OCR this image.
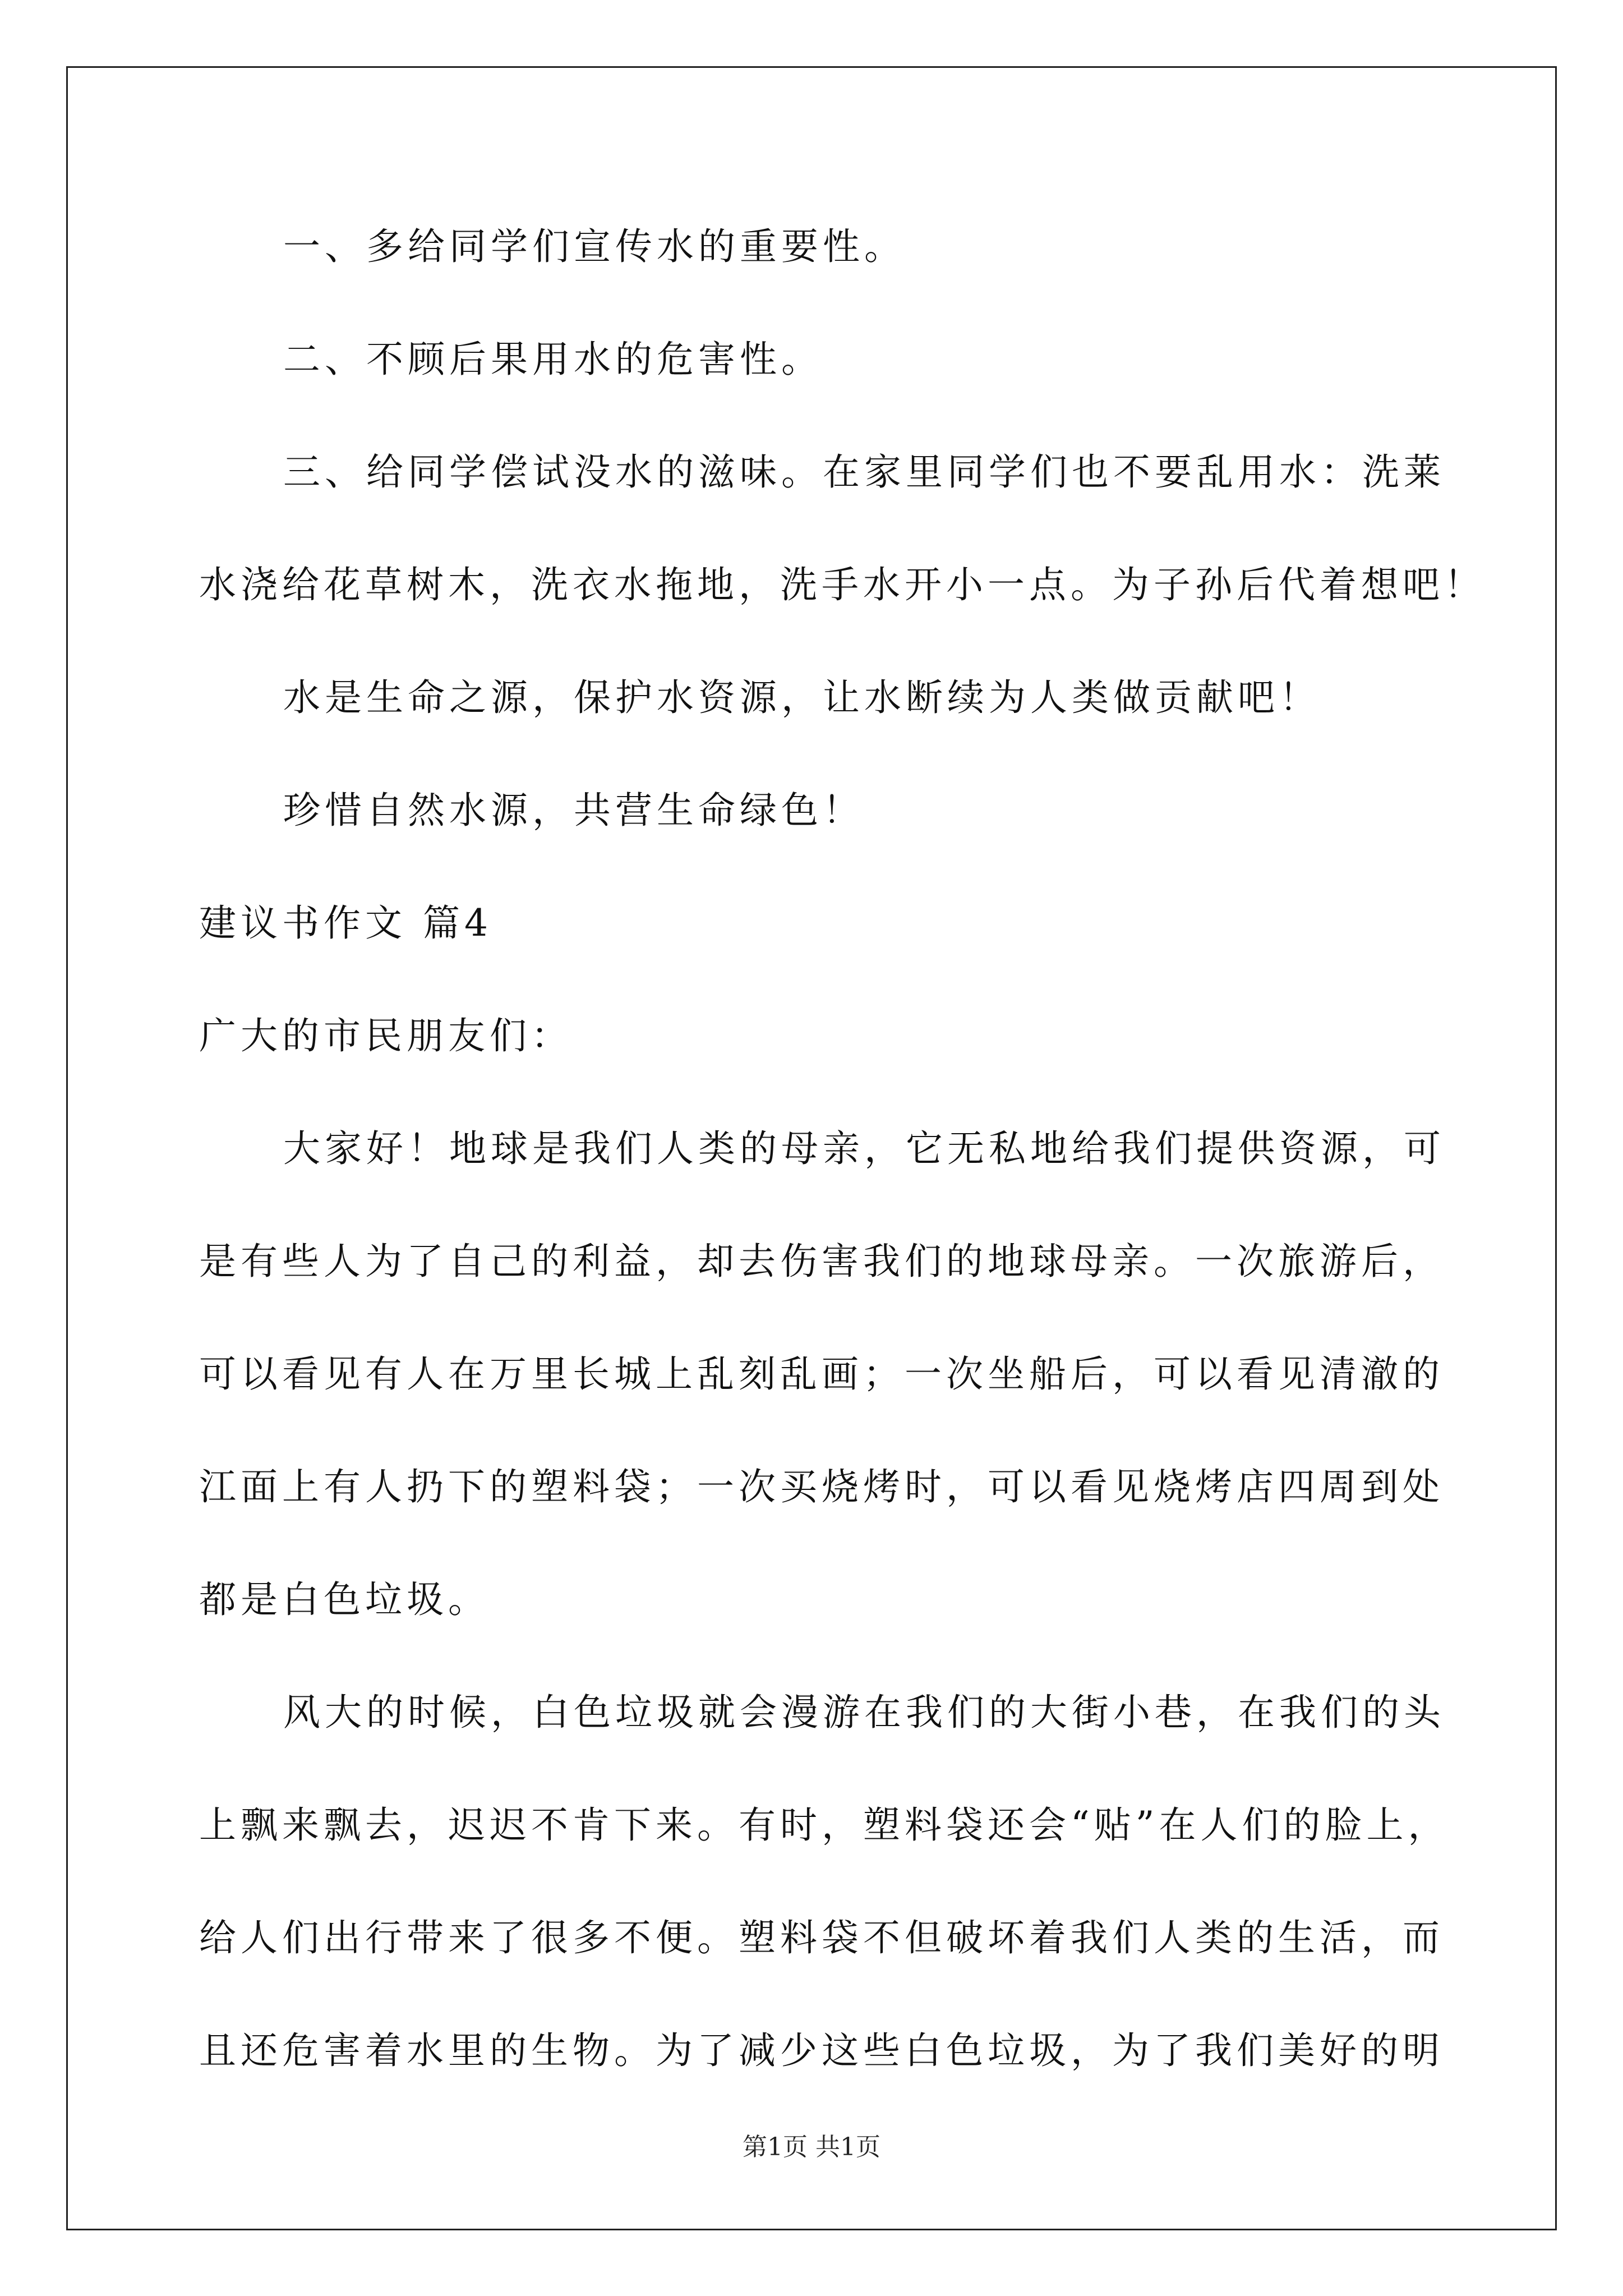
一、多给同学们宣传水的重要性。

二、不顾后果用水的危害性。

三、给同学偿试没水的滋味。在家里同学们也不要乱用水：洗莱

水浇给花草树木，洗衣水拖地，洗手水开小一点。为子孙后代着想吧！

水是生命之源，保护水资源，让水断续为人类做贡献吧！

珍惜自然水源，共营生命绿色！

建议书作文 篇4

广大的市民朋友们：

大家好！地球是我们人类的母亲，它无私地给我们提供资源，可

是有些人为了自己的利益，却去伤害我们的地球母亲。一次旅游后，

可以看见有人在万里长城上乱刻乱画；一次坐船后，可以看见清澈的

江面上有人扔下的塑料袋；一次买烧烤时，可以看见烧烤店四周到处

都是白色垃圾。

风大的时候，白色垃圾就会漫游在我们的大街小巷，在我们的头

上飘来飘去，迟迟不肯下来。有时，塑料袋还会“贴”在人们的脸上，

给人们出行带来了很多不便。塑料袋不但破坏着我们人类的生活，而

且还危害着水里的生物。为了减少这些白色垃圾，为了我们美好的明

第1页 共1页
